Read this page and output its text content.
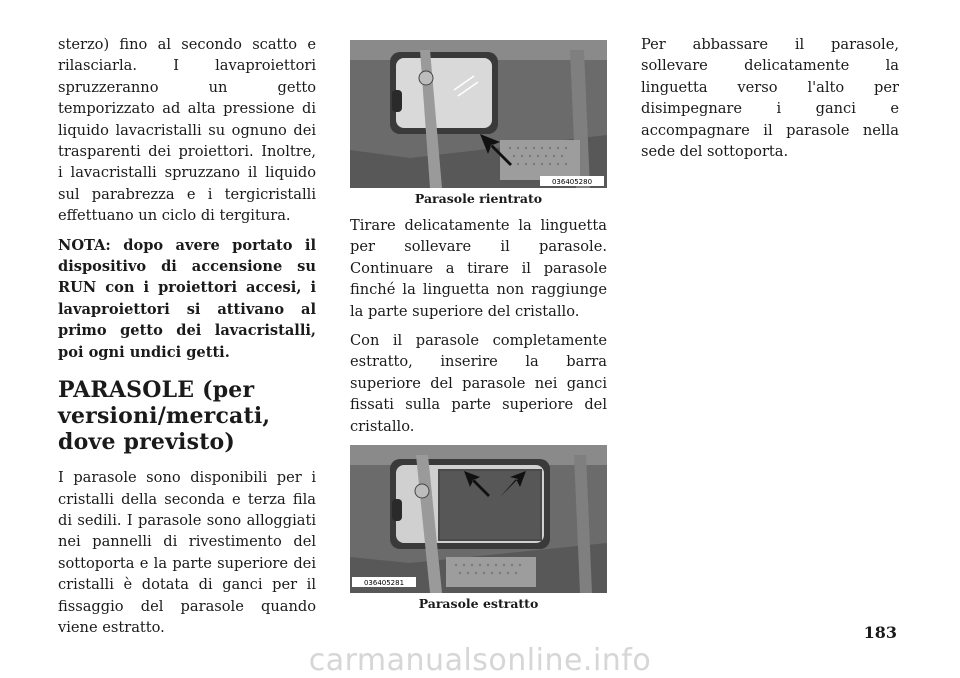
sterzo) fino al secondo scatto e rilasciarla. I lavaproiettori spruzzeranno un getto temporizzato ad alta pressione di liquido lavacristalli su ognuno dei trasparenti dei proiettori. Inoltre, i lavacristalli spruzzano il liquido sul parabrezza e i tergicristalli effettuano un ciclo di tergitura.

NOTA: dopo avere portato il dispositivo di accensione su RUN con i proiettori accesi, i lavaproiettori si attivano al primo getto dei lavacristalli, poi ogni undici getti.

PARASOLE (per versioni/mercati, dove previsto)

I parasole sono disponibili per i cristalli della seconda e terza fila di sedili. I parasole sono alloggiati nei pannelli di rivestimento del sottoporta e la parte superiore dei cristalli è dotata di ganci per il fissaggio del parasole quando viene estratto.

036405280
Parasole rientrato

Tirare delicatamente la linguetta per sollevare il parasole. Continuare a tirare il parasole finché la linguetta non raggiunge la parte superiore del cristallo.

Con il parasole completamente estratto, inserire la barra superiore del parasole nei ganci fissati sulla parte superiore del cristallo.

036405281
Parasole estratto

Per abbassare il parasole, sollevare delicatamente la linguetta verso l'alto per disimpegnare i ganci e accompagnare il parasole nella sede del sottoporta.

183
carmanualsonline.info
